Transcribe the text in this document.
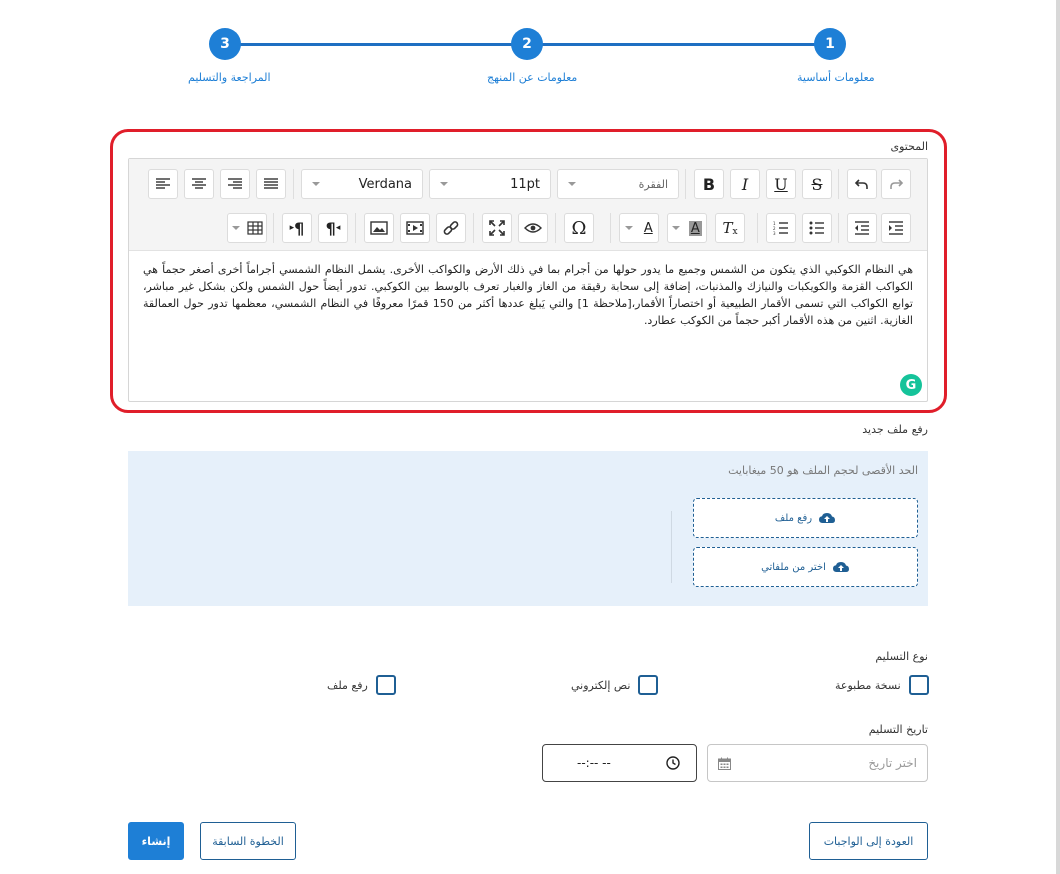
1
2
3
معلومات أساسية
معلومات عن المنهج
المراجعة والتسليم
المحتوى
S
U
I
B
الفقرة
11pt
Verdana
1
2
3
T x
A
A
Ω
¶ ◂
▸ ¶
هي النظام الكوكبي الذي يتكون من الشمس وجميع ما يدور حولها من أجرام بما في ذلك الأرض والكواكب الأخرى. يشمل النظام الشمسي أجراماً أخرى أصغر حجماً هي الكواكب القزمة والكويكبات والنيازك والمذنبات، إضافة إلى سحابة رقيقة من الغاز والغبار تعرف بالوسط بين الكوكبي. تدور أيضاً حول الشمس ولكن بشكل غير مباشر، توابع الكواكب التي تسمى الأقمار الطبيعية أو اختصاراً الأقمار،[ملاحظة 1] والتي يَبلغ عددها أكثر من 150 قمرًا معروفًا في النظام الشمسي، معظمها تدور حول العمالقة الغازية. اثنين من هذه الأقمار أكبر حجماً من الكوكب عطارد.
G
رفع ملف جديد
الحد الأقصى لحجم الملف هو 50 ميغابايت
رفع ملف
اختر من ملفاتي
نوع التسليم
نسخة مطبوعة
نص إلكتروني
رفع ملف
تاريخ التسليم
اختر تاريخ
--:-- --
العودة إلى الواجبات
الخطوة السابقة
إنشاء
